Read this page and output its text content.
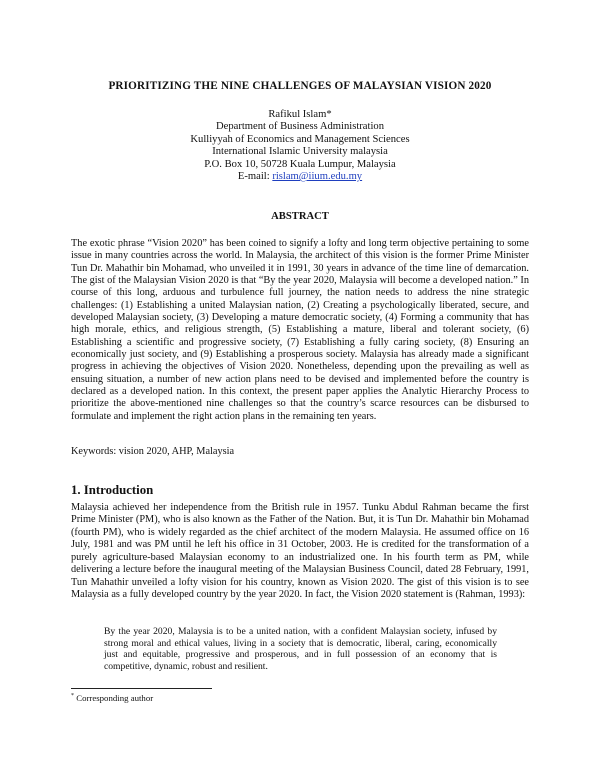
PRIORITIZING THE NINE CHALLENGES OF MALAYSIAN VISION 2020
Rafikul Islam*
Department of Business Administration
Kulliyyah of Economics and Management Sciences
International Islamic University malaysia
P.O. Box 10, 50728 Kuala Lumpur, Malaysia
E-mail: rislam@iium.edu.my
ABSTRACT

The exotic phrase “Vision 2020” has been coined to signify a lofty and long term objective pertaining to some issue in many countries across the world. In Malaysia, the architect of this vision is the former Prime Minister Tun Dr. Mahathir bin Mohamad, who unveiled it in 1991, 30 years in advance of the time line of demarcation. The gist of the Malaysian Vision 2020 is that “By the year 2020, Malaysia will become a developed nation.” In course of this long, arduous and turbulence full journey, the nation needs to address the nine strategic challenges: (1) Establishing a united Malaysian nation, (2) Creating a psychologically liberated, secure, and developed Malaysian society, (3) Developing a mature democratic society, (4) Forming a community that has high morale, ethics, and religious strength, (5) Establishing a mature, liberal and tolerant society, (6) Establishing a scientific and progressive society, (7) Establishing a fully caring society, (8) Ensuring an economically just society, and (9) Establishing a prosperous society. Malaysia has already made a significant progress in achieving the objectives of Vision 2020. Nonetheless, depending upon the prevailing as well as ensuing situation, a number of new action plans need to be devised and implemented before the country is declared as a developed nation. In this context, the present paper applies the Analytic Hierarchy Process to prioritize the above-mentioned nine challenges so that the country’s scarce resources can be disbursed to formulate and implement the right action plans in the remaining ten years.

Keywords: vision 2020, AHP, Malaysia
1. Introduction

Malaysia achieved her independence from the British rule in 1957. Tunku Abdul Rahman became the first Prime Minister (PM), who is also known as the Father of the Nation. But, it is Tun Dr. Mahathir bin Mohamad (fourth PM), who is widely regarded as the chief architect of the modern Malaysia. He assumed office on 16 July, 1981 and was PM until he left his office in 31 October, 2003. He is credited for the transformation of a purely agriculture-based Malaysian economy to an industrialized one. In his fourth term as PM, while delivering a lecture before the inaugural meeting of the Malaysian Business Council, dated 28 February, 1991, Tun Mahathir unveiled a lofty vision for his country, known as Vision 2020. The gist of this vision is to see Malaysia as a fully developed country by the year 2020. In fact, the Vision 2020 statement is (Rahman, 1993):

By the year 2020, Malaysia is to be a united nation, with a confident Malaysian society, infused by strong moral and ethical values, living in a society that is democratic, liberal, caring, economically just and equitable, progressive and prosperous, and in full possession of an economy that is competitive, dynamic, robust and resilient.

* Corresponding author
